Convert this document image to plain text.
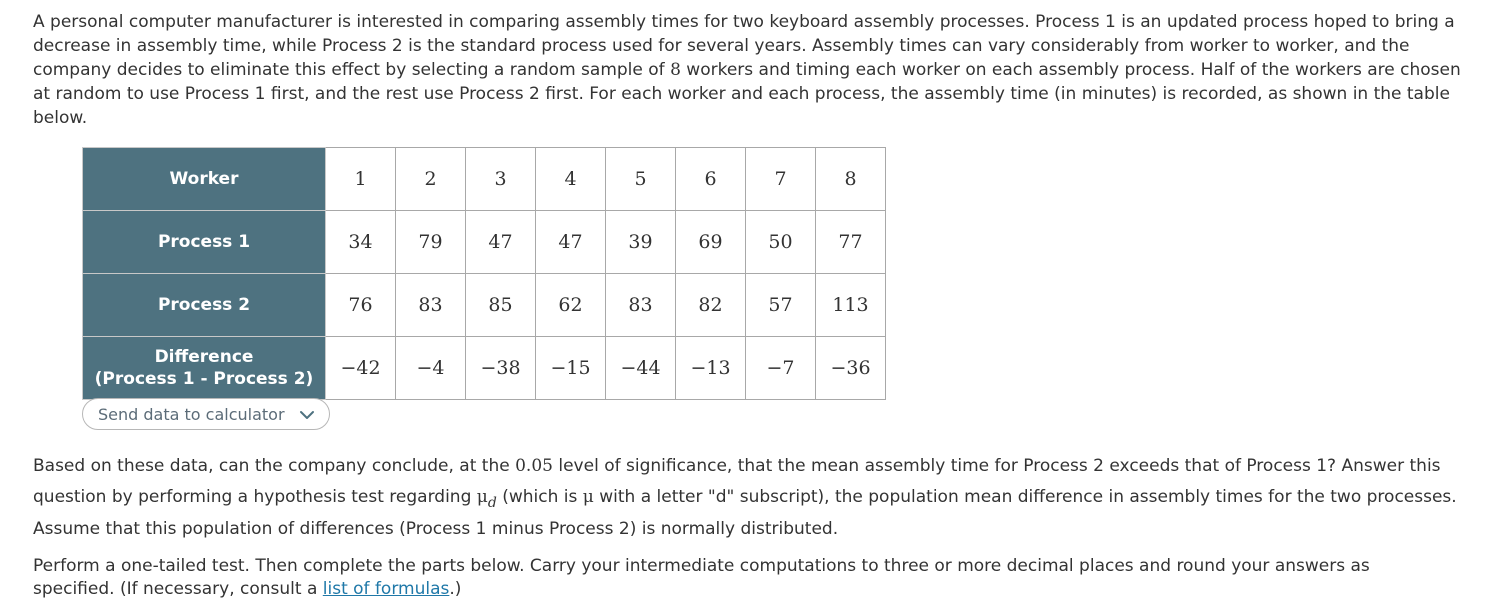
A personal computer manufacturer is interested in comparing assembly times for two keyboard assembly processes. Process 1 is an updated process hoped to bring a decrease in assembly time, while Process 2 is the standard process used for several years. Assembly times can vary considerably from worker to worker, and the company decides to eliminate this effect by selecting a random sample of 8 workers and timing each worker on each assembly process. Half of the workers are chosen at random to use Process 1 first, and the rest use Process 2 first. For each worker and each process, the assembly time (in minutes) is recorded, as shown in the table below.

Worker	1	2	3	4	5	6	7	8
Process 1	34	79	47	47	39	69	50	77
Process 2	76	83	85	62	83	82	57	113
Difference
(Process 1 - Process 2)	−42	−4	−38	−15	−44	−13	−7	−36
Send data to calculator

Based on these data, can the company conclude, at the 0.05 level of significance, that the mean assembly time for Process 2 exceeds that of Process 1? Answer this question by performing a hypothesis test regarding $\mu_d$ (which is μ with a letter "d" subscript), the population mean difference in assembly times for the two processes. Assume that this population of differences (Process 1 minus Process 2) is normally distributed.

Perform a one-tailed test. Then complete the parts below. Carry your intermediate computations to three or more decimal places and round your answers as specified. (If necessary, consult a list of formulas.)
